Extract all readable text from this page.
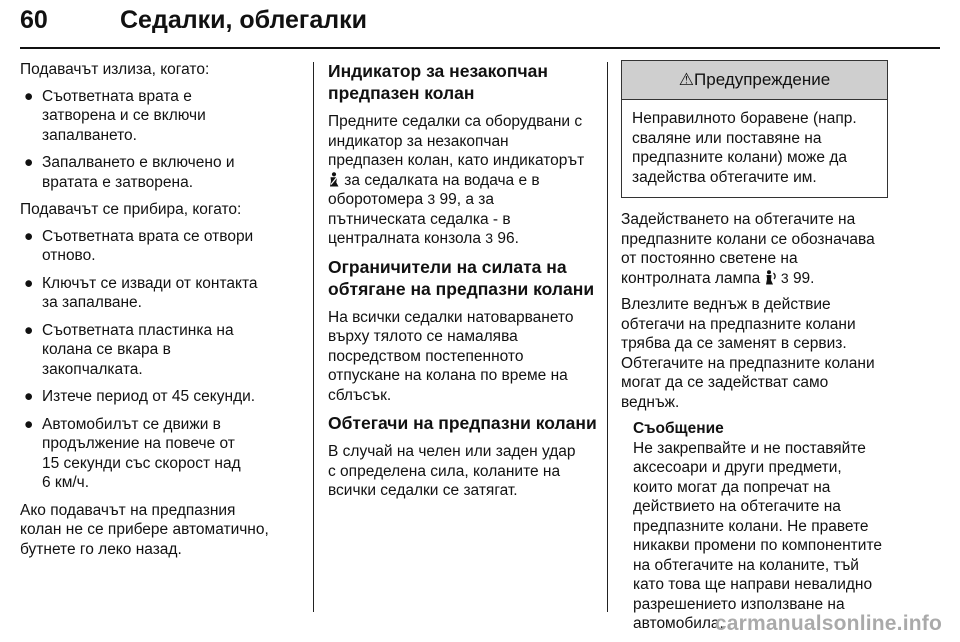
60	Седалки, облегалки

Подавачът излиза, когато:

● Съответната врата е
затворена и се включи
запалването.
● Запалването е включено и
вратата е затворена.

Подавачът се прибира, когато:

● Съответната врата се отвори
отново.
● Ключът се извади от контакта
за запалване.
● Съответната пластинка на
колана се вкара в
закопчалката.
● Изтече период от 45 секунди.
● Автомобилът се движи в
продължение на повече от
15 секунди със скорост над
6 км/ч.

Ако подавачът на предпазния
колан не се прибере автоматично,
бутнете го леко назад.

Индикатор за незакопчан
предпазен колан

Предните седалки са оборудвани с
индикатор за незакопчан
предпазен колан, като индикаторът
за седалката на водача е в
оборотомера 3 99, а за
пътническата седалка - в
централната конзола 3 96.

Ограничители на силата на
обтягане на предпазни колани

На всички седалки натоварването
върху тялото се намалява
посредством постепенното
отпускане на колана по време на
сблъсък.

Обтегачи на предпазни колани

В случай на челен или заден удар
с определена сила, коланите на
всички седалки се затягат.

⚠Предупреждение
Неправилното боравене (напр.
сваляне или поставяне на
предпазните колани) може да
задейства обтегачите им.

Задействането на обтегачите на
предпазните колани се обозначава
от постоянно светене на
контролната лампа  3 99.

Влезлите веднъж в действие
обтегачи на предпазните колани
трябва да се заменят в сервиз.
Обтегачите на предпазните колани
могат да се задействат само
веднъж.

Съобщение
Не закрепвайте и не поставяйте
аксесоари и други предмети,
които могат да попречат на
действието на обтегачите на
предпазните колани. Не правете
никакви промени по компонентите
на обтегачите на коланите, тъй
като това ще направи невалидно
разрешението използване на
автомобила.
carmanualsonline.info
